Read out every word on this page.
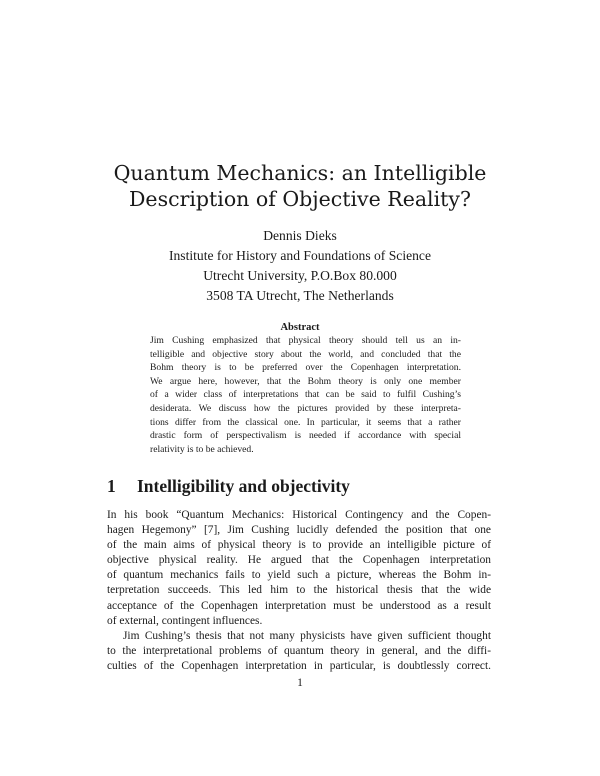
Quantum Mechanics: an Intelligible
Description of Objective Reality?
Dennis Dieks
Institute for History and Foundations of Science
Utrecht University, P.O.Box 80.000
3508 TA Utrecht, The Netherlands
Abstract
Jim Cushing emphasized that physical theory should tell us an in-
telligible and objective story about the world, and concluded that the
Bohm theory is to be preferred over the Copenhagen interpretation.
We argue here, however, that the Bohm theory is only one member
of a wider class of interpretations that can be said to fulfil Cushing’s
desiderata. We discuss how the pictures provided by these interpreta-
tions differ from the classical one. In particular, it seems that a rather
drastic form of perspectivalism is needed if accordance with special
relativity is to be achieved.
1 Intelligibility and objectivity
In his book “Quantum Mechanics: Historical Contingency and the Copen-
hagen Hegemony” [7], Jim Cushing lucidly defended the position that one
of the main aims of physical theory is to provide an intelligible picture of
objective physical reality. He argued that the Copenhagen interpretation
of quantum mechanics fails to yield such a picture, whereas the Bohm in-
terpretation succeeds. This led him to the historical thesis that the wide
acceptance of the Copenhagen interpretation must be understood as a result
of external, contingent influences.
Jim Cushing’s thesis that not many physicists have given sufficient thought
to the interpretational problems of quantum theory in general, and the diffi-
culties of the Copenhagen interpretation in particular, is doubtlessly correct.
1
